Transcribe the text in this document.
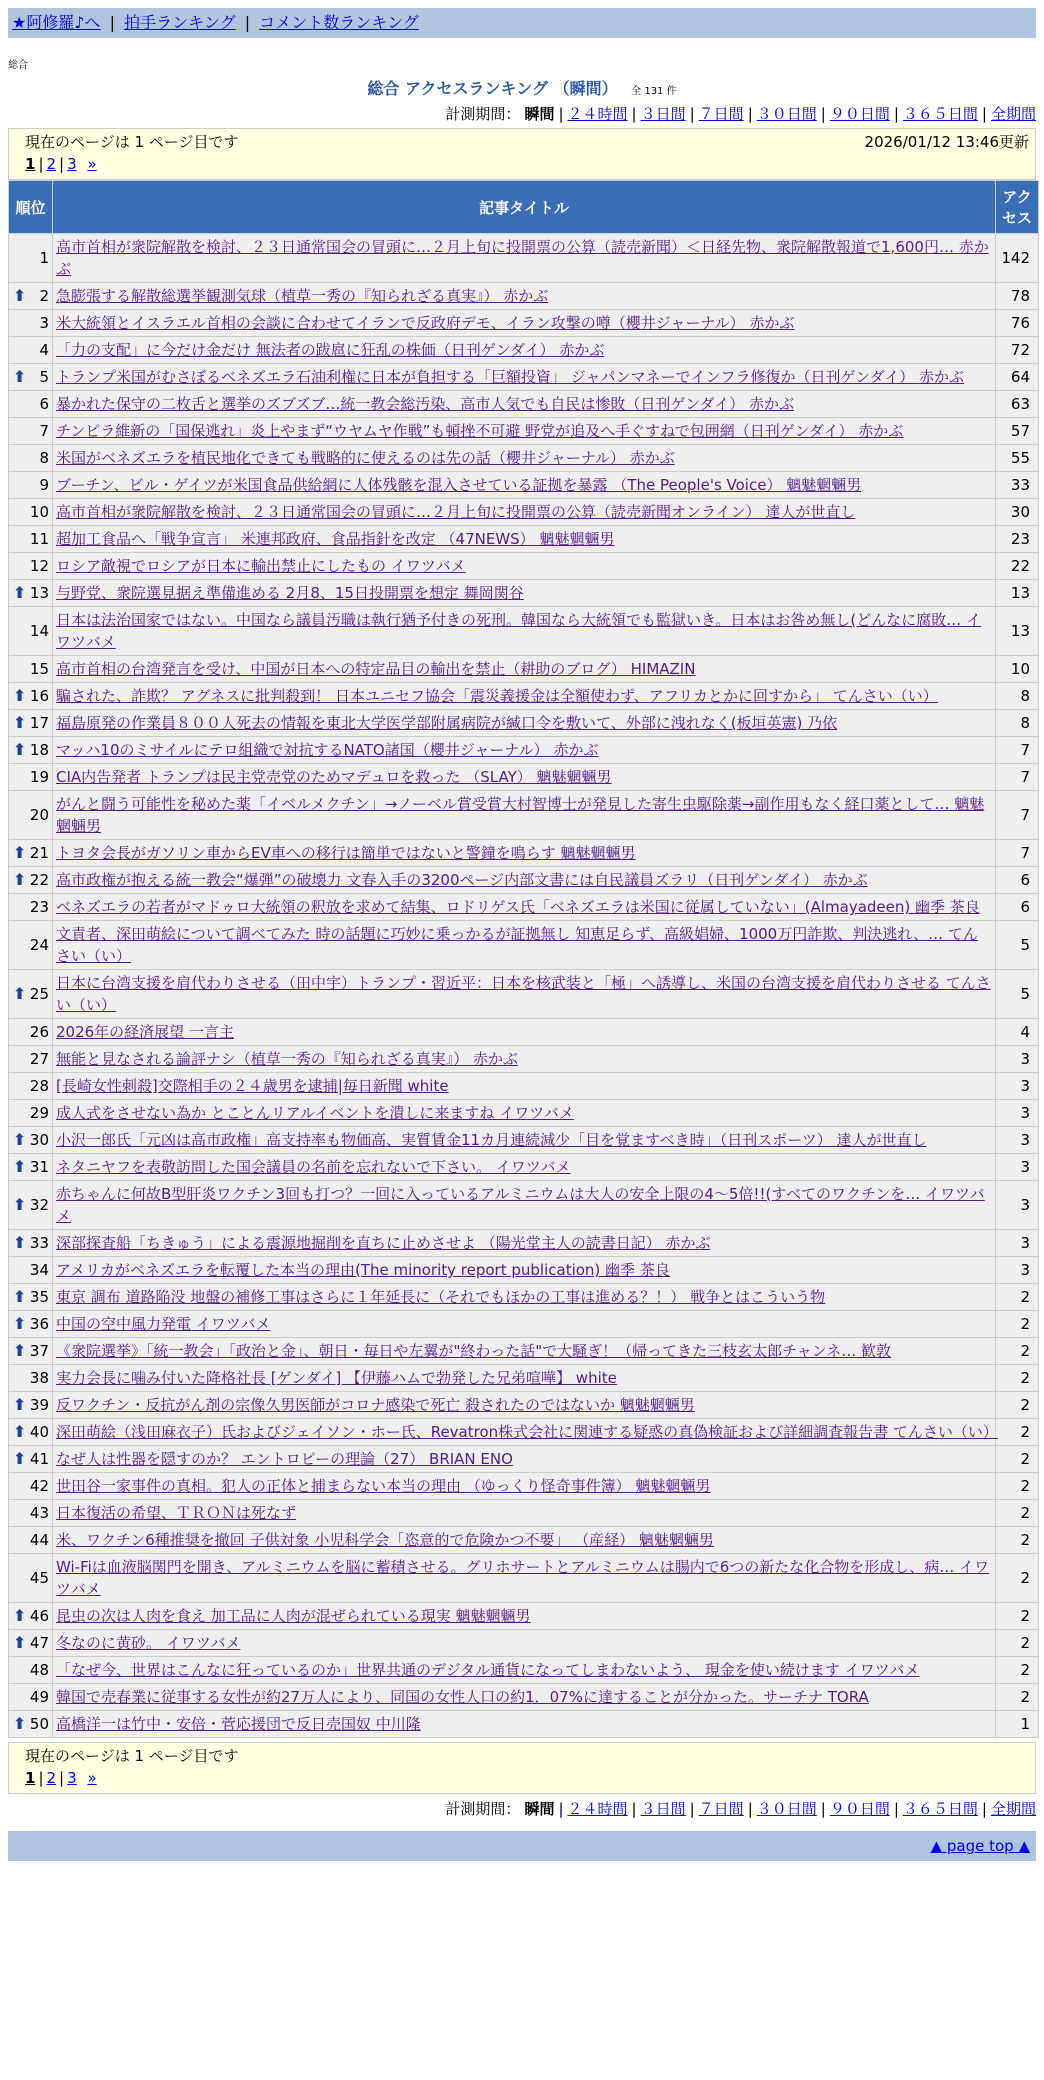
★阿修羅♪へ | 拍手ランキング | コメント数ランキング
総合
総合 アクセスランキング （瞬間） 全 131 件
計測期間： 瞬間 | ２４時間 | ３日間 | ７日間 | ３０日間 | ９０日間 | ３６５日間 | 全期間
現在のページは 1 ページ目です	2026/01/12 13:46更新
1 | 2 | 3 »
順位	記事タイトル	アクセス
1	高市首相が衆院解散を検討、２３日通常国会の冒頭に…２月上旬に投開票の公算（読売新聞）＜日経先物、衆院解散報道で1,600円… 赤かぶ	142

⬆ 2	急膨張する解散総選挙観測気球（植草一秀の『知られざる真実』） 赤かぶ	78
3	米大統領とイスラエル首相の会談に合わせてイランで反政府デモ、イラン攻撃の噂（櫻井ジャーナル） 赤かぶ	76
4	「力の支配」に今だけ金だけ 無法者の跋扈に狂乱の株価（日刊ゲンダイ） 赤かぶ	72

⬆ 5	トランプ米国がむさぼるベネズエラ石油利権に日本が負担する「巨額投資」 ジャパンマネーでインフラ修復か（日刊ゲンダイ） 赤かぶ	64
6	暴かれた保守の二枚舌と選挙のズブズブ…統一教会総汚染、高市人気でも自民は惨敗（日刊ゲンダイ） 赤かぶ	63
7	チンピラ維新の「国保逃れ」炎上やまず“ウヤムヤ作戦”も頓挫不可避 野党が追及へ手ぐすねで包囲網（日刊ゲンダイ） 赤かぶ	57
8	米国がベネズエラを植民地化できても戦略的に使えるのは先の話（櫻井ジャーナル） 赤かぶ	55
9	ブーチン、ビル・ゲイツが米国食品供給網に人体残骸を混入させている証拠を暴露 （The People's Voice） 魑魅魍魎男	33
10	高市首相が衆院解散を検討、２３日通常国会の冒頭に…２月上旬に投開票の公算（読売新聞オンライン） 達人が世直し	30
11	超加工食品へ「戦争宣言」 米連邦政府、食品指針を改定 （47NEWS） 魑魅魍魎男	23
12	ロシア敵視でロシアが日本に輸出禁止にしたもの イワツバメ	22

⬆ 13	与野党、衆院選見据え準備進める 2月8、15日投開票を想定 舞岡関谷	13
14	日本は法治国家ではない。中国なら議員汚職は執行猶予付きの死刑。韓国なら大統領でも監獄いき。日本はお咎め無し(どんなに腐敗… イワツバメ	13
15	高市首相の台湾発言を受け、中国が日本への特定品目の輸出を禁止（耕助のブログ） HIMAZIN	10

⬆ 16	騙された、詐欺？ アグネスに批判殺到！ 日本ユニセフ協会「震災義援金は全額使わず、アフリカとかに回すから」 てんさい（い）	8

⬆ 17	福島原発の作業員８００人死去の情報を東北大学医学部附属病院が緘口令を敷いて、外部に洩れなく(板垣英憲) 乃依	8

⬆ 18	マッハ10のミサイルにテロ組織で対抗するNATO諸国（櫻井ジャーナル） 赤かぶ	7
19	CIA内告発者 トランプは民主党売党のためマデュロを救った （SLAY） 魑魅魍魎男	7
20	がんと闘う可能性を秘めた薬「イベルメクチン」→ノーベル賞受賞大村智博士が発見した寄生虫駆除薬→副作用もなく経口薬として… 魑魅魍魎男	7

⬆ 21	トヨタ会長がガソリン車からEV車への移行は簡単ではないと警鐘を鳴らす 魑魅魍魎男	7

⬆ 22	高市政権が抱える統一教会“爆弾”の破壊力 文春入手の3200ページ内部文書には自民議員ズラリ（日刊ゲンダイ） 赤かぶ	6
23	ベネズエラの若者がマドゥロ大統領の釈放を求めて結集、ロドリゲス氏「ベネズエラは米国に従属していない」(Almayadeen) 幽季 茶良	6
24	文責者、深田萌絵について調べてみた 時の話題に巧妙に乗っかるが証拠無し 知恵足らず、高級娼婦、1000万円詐欺、判決逃れ、… てんさい（い）	5

⬆ 25	日本に台湾支援を肩代わりさせる（田中宇）トランプ・習近平：日本を核武装と「極」へ誘導し、米国の台湾支援を肩代わりさせる てんさい（い）	5
26	2026年の経済展望 一言主	4
27	無能と見なされる論評ナシ（植草一秀の『知られざる真実』） 赤かぶ	3
28	[長崎女性刺殺]交際相手の２４歳男を逮捕|毎日新聞 white	3
29	成人式をさせない為か とことんリアルイベントを潰しに来ますね イワツバメ	3

⬆ 30	小沢一郎氏「元凶は高市政権」高支持率も物価高、実質賃金11カ月連続減少「目を覚ますべき時」（日刊スポーツ） 達人が世直し	3

⬆ 31	ネタニヤフを表敬訪問した国会議員の名前を忘れないで下さい。 イワツバメ	3

⬆ 32	赤ちゃんに何故B型肝炎ワクチン3回も打つ？一回に入っているアルミニウムは大人の安全上限の4〜5倍!!(すべてのワクチンを… イワツバメ	3

⬆ 33	深部探査船「ちきゅう」による震源地掘削を直ちに止めさせよ （陽光堂主人の読書日記） 赤かぶ	3
34	アメリカがベネズエラを転覆した本当の理由(The minority report publication) 幽季 茶良	3

⬆ 35	東京 調布 道路陥没 地盤の補修工事はさらに１年延長に（それでもほかの工事は進める？！） 戦争とはこういう物	2

⬆ 36	中国の空中風力発電 イワツバメ	2

⬆ 37	《衆院選挙》「統一教会」「政治と金」、朝日・毎日や左翼が"終わった話"で大騒ぎ！（帰ってきた三枝玄太郎チャンネ… 歓敦	2
38	実力会長に噛み付いた降格社長 [ゲンダイ] 【伊藤ハムで勃発した兄弟喧嘩】 white	2

⬆ 39	反ワクチン・反抗がん剤の宗像久男医師がコロナ感染で死亡 殺されたのではないか 魑魅魍魎男	2

⬆ 40	深田萌絵（浅田麻衣子）氏およびジェイソン・ホー氏、Revatron株式会社に関連する疑惑の真偽検証および詳細調査報告書 てんさい（い）	2

⬆ 41	なぜ人は性器を隠すのか？ エントロピーの理論（27） BRIAN ENO	2
42	世田谷一家事件の真相。犯人の正体と捕まらない本当の理由 （ゆっくり怪奇事件簿） 魑魅魍魎男	2
43	日本復活の希望、ＴＲＯＮは死なず	2
44	米、ワクチン6種推奨を撤回 子供対象 小児科学会「恣意的で危険かつ不要」 （産経） 魑魅魍魎男	2
45	Wi-Fiは血液脳関門を開き、アルミニウムを脳に蓄積させる。グリホサートとアルミニウムは腸内で6つの新たな化合物を形成し、病… イワツバメ	2

⬆ 46	昆虫の次は人肉を食え 加工品に人肉が混ぜられている現実 魑魅魍魎男	2

⬆ 47	冬なのに黄砂。 イワツバメ	2
48	「なぜ今、世界はこんなに狂っているのか」世界共通のデジタル通貨になってしまわないよう、 現金を使い続けます イワツバメ	2
49	韓国で売春業に従事する女性が約27万人により、同国の女性人口の約1．07%に達することが分かった。サーチナ TORA	2

⬆ 50	高橋洋一は竹中・安倍・菅応援団で反日売国奴 中川隆	1
現在のページは 1 ページ目です
1 | 2 | 3 »
計測期間： 瞬間 | ２４時間 | ３日間 | ７日間 | ３０日間 | ９０日間 | ３６５日間 | 全期間
▲ page top ▲
